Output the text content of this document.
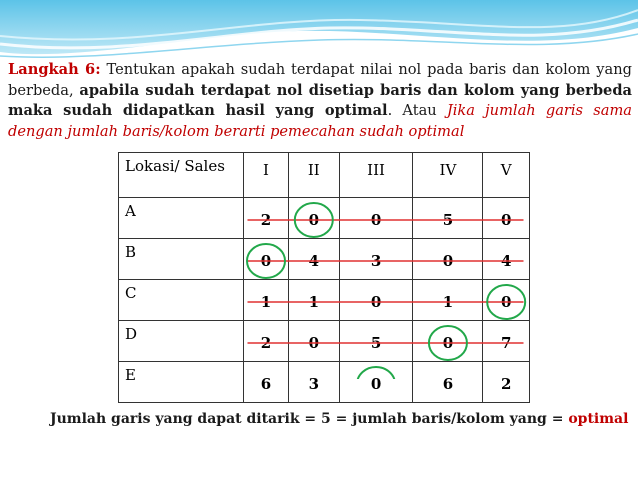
Langkah 6: Tentukan apakah sudah terdapat nilai nol pada baris dan kolom yang berbeda, apabila sudah terdapat nol disetiap baris dan kolom yang berbeda maka sudah didapatkan hasil yang optimal. Atau Jika jumlah garis sama dengan jumlah baris/kolom berarti pemecahan sudah optimal
Lokasi/ Sales	I	II	III	IV	V
A	2	0	0	5	0
B	0	4	3	0	4
C	1	1	0	1	0
D	2	0	5	0	7
E	6	3	0	6	2
Jumlah garis yang dapat ditarik = 5 = jumlah baris/kolom yang = optimal
